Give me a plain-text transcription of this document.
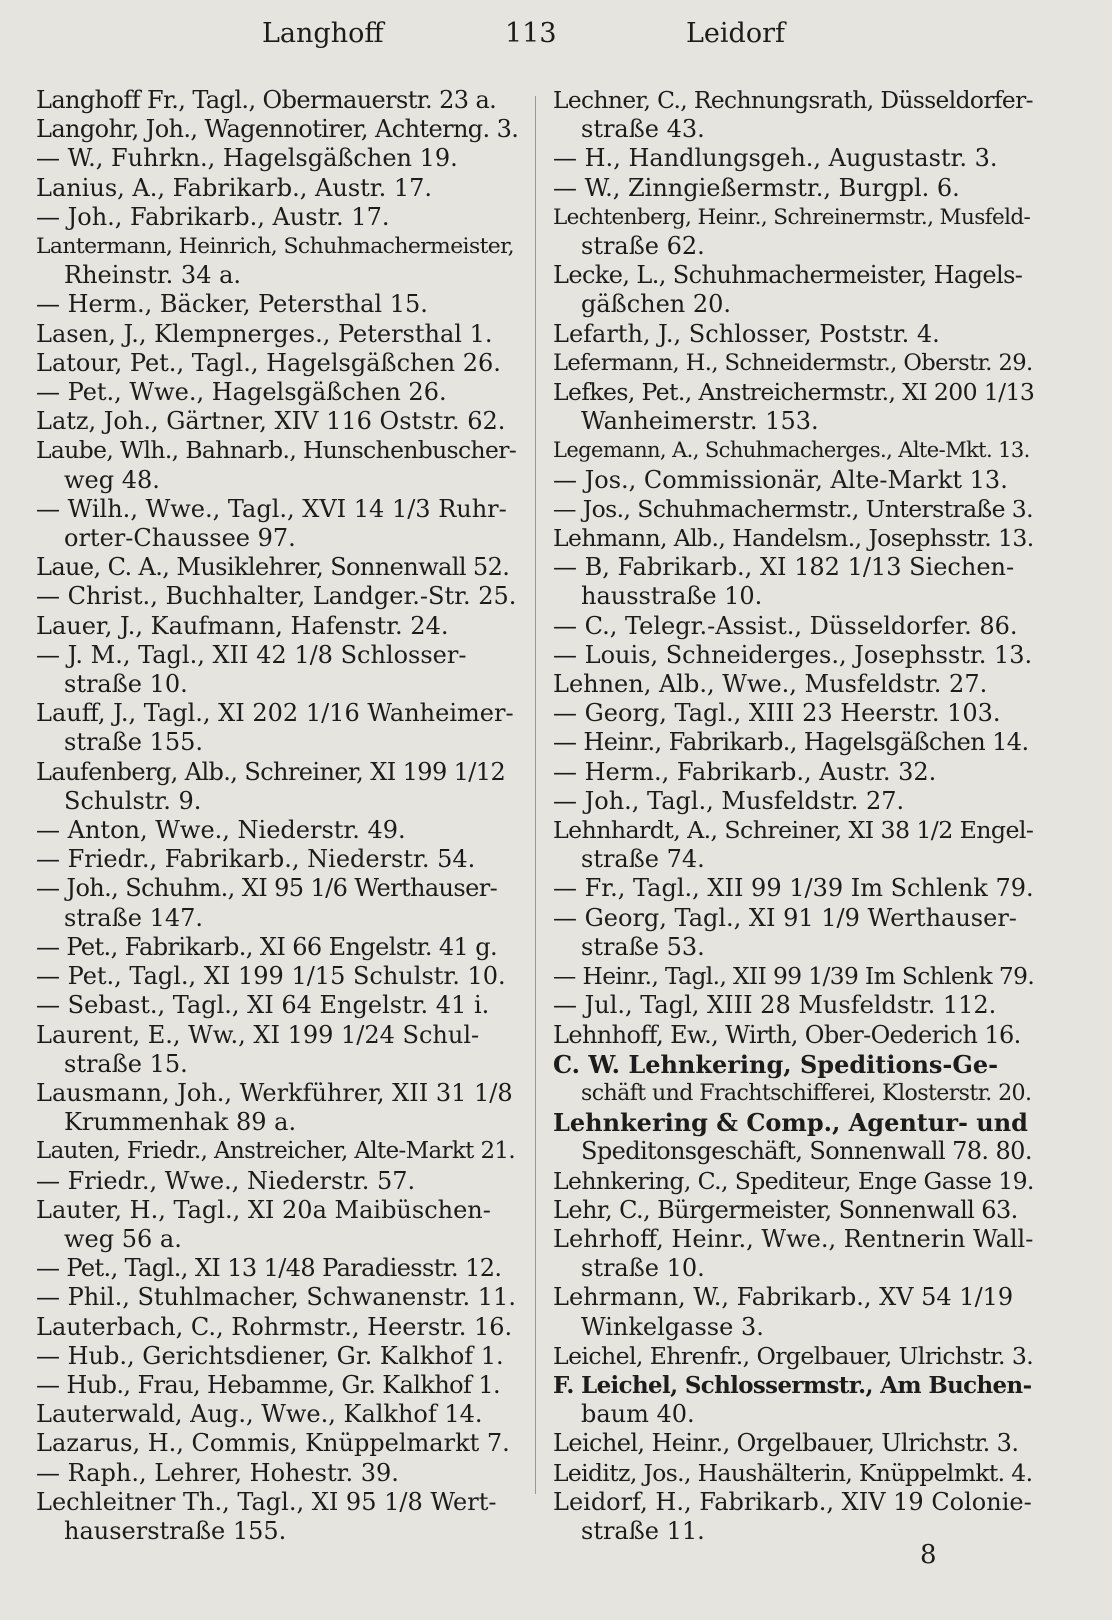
Langhoff	113	Leidorf
Langhoff Fr., Tagl., Obermauerstr. 23 a.
Langohr, Joh., Wagennotirer, Achterng. 3.
— W., Fuhrkn., Hagelsgäßchen 19.
Lanius, A., Fabrikarb., Austr. 17.
— Joh., Fabrikarb., Austr. 17.
Lantermann, Heinrich, Schuhmachermeister,
Rheinstr. 34 a.
— Herm., Bäcker, Petersthal 15.
Lasen, J., Klempnerges., Petersthal 1.
Latour, Pet., Tagl., Hagelsgäßchen 26.
— Pet., Wwe., Hagelsgäßchen 26.
Latz, Joh., Gärtner, XIV 116 Oststr. 62.
Laube, Wlh., Bahnarb., Hunschenbuscher-
weg 48.
— Wilh., Wwe., Tagl., XVI 14 1/3 Ruhr-
orter-Chaussee 97.
Laue, C. A., Musiklehrer, Sonnenwall 52.
— Christ., Buchhalter, Landger.-Str. 25.
Lauer, J., Kaufmann, Hafenstr. 24.
— J. M., Tagl., XII 42 1/8 Schlosser-
straße 10.
Lauff, J., Tagl., XI 202 1/16 Wanheimer-
straße 155.
Laufenberg, Alb., Schreiner, XI 199 1/12
Schulstr. 9.
— Anton, Wwe., Niederstr. 49.
— Friedr., Fabrikarb., Niederstr. 54.
— Joh., Schuhm., XI 95 1/6 Werthauser-
straße 147.
— Pet., Fabrikarb., XI 66 Engelstr. 41 g.
— Pet., Tagl., XI 199 1/15 Schulstr. 10.
— Sebast., Tagl., XI 64 Engelstr. 41 i.
Laurent, E., Ww., XI 199 1/24 Schul-
straße 15.
Lausmann, Joh., Werkführer, XII 31 1/8
Krummenhak 89 a.
Lauten, Friedr., Anstreicher, Alte-Markt 21.
— Friedr., Wwe., Niederstr. 57.
Lauter, H., Tagl., XI 20a Maibüschen-
weg 56 a.
— Pet., Tagl., XI 13 1/48 Paradiesstr. 12.
— Phil., Stuhlmacher, Schwanenstr. 11.
Lauterbach, C., Rohrmstr., Heerstr. 16.
— Hub., Gerichtsdiener, Gr. Kalkhof 1.
— Hub., Frau, Hebamme, Gr. Kalkhof 1.
Lauterwald, Aug., Wwe., Kalkhof 14.
Lazarus, H., Commis, Knüppelmarkt 7.
— Raph., Lehrer, Hohestr. 39.
Lechleitner Th., Tagl., XI 95 1/8 Wert-
hauserstraße 155.
Lechner, C., Rechnungsrath, Düsseldorfer-
straße 43.
— H., Handlungsgeh., Augustastr. 3.
— W., Zinngießermstr., Burgpl. 6.
Lechtenberg, Heinr., Schreinermstr., Musfeld-
straße 62.
Lecke, L., Schuhmachermeister, Hagels-
gäßchen 20.
Lefarth, J., Schlosser, Poststr. 4.
Lefermann, H., Schneidermstr., Oberstr. 29.
Lefkes, Pet., Anstreichermstr., XI 200 1/13
Wanheimerstr. 153.
Legemann, A., Schuhmacherges., Alte-Mkt. 13.
— Jos., Commissionär, Alte-Markt 13.
— Jos., Schuhmachermstr., Unterstraße 3.
Lehmann, Alb., Handelsm., Josephsstr. 13.
— B, Fabrikarb., XI 182 1/13 Siechen-
hausstraße 10.
— C., Telegr.-Assist., Düsseldorfer. 86.
— Louis, Schneiderges., Josephsstr. 13.
Lehnen, Alb., Wwe., Musfeldstr. 27.
— Georg, Tagl., XIII 23 Heerstr. 103.
— Heinr., Fabrikarb., Hagelsgäßchen 14.
— Herm., Fabrikarb., Austr. 32.
— Joh., Tagl., Musfeldstr. 27.
Lehnhardt, A., Schreiner, XI 38 1/2 Engel-
straße 74.
— Fr., Tagl., XII 99 1/39 Im Schlenk 79.
— Georg, Tagl., XI 91 1/9 Werthauser-
straße 53.
— Heinr., Tagl., XII 99 1/39 Im Schlenk 79.
— Jul., Tagl, XIII 28 Musfeldstr. 112.
Lehnhoff, Ew., Wirth, Ober-Oederich 16.
C. W. Lehnkering, Speditions-Ge-
schäft und Frachtschifferei, Klosterstr. 20.
Lehnkering & Comp., Agentur- und
Speditonsgeschäft, Sonnenwall 78. 80.
Lehnkering, C., Spediteur, Enge Gasse 19.
Lehr, C., Bürgermeister, Sonnenwall 63.
Lehrhoff, Heinr., Wwe., Rentnerin Wall-
straße 10.
Lehrmann, W., Fabrikarb., XV 54 1/19
Winkelgasse 3.
Leichel, Ehrenfr., Orgelbauer, Ulrichstr. 3.
F. Leichel, Schlossermstr., Am Buchen-
baum 40.
Leichel, Heinr., Orgelbauer, Ulrichstr. 3.
Leiditz, Jos., Haushälterin, Knüppelmkt. 4.
Leidorf, H., Fabrikarb., XIV 19 Colonie-
straße 11.
8
